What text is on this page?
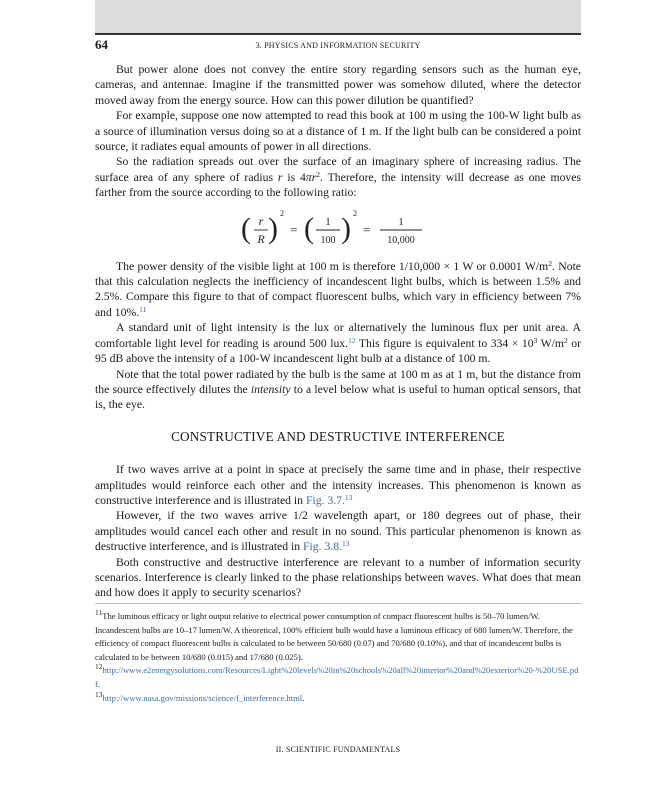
64	3. PHYSICS AND INFORMATION SECURITY

But power alone does not convey the entire story regarding sensors such as the human eye, cameras, and antennae. Imagine if the transmitted power was somehow diluted, where the detector moved away from the energy source. How can this power dilution be quantified?

For example, suppose one now attempted to read this book at 100 m using the 100-W light bulb as a source of illumination versus doing so at a distance of 1 m. If the light bulb can be considered a point source, it radiates equal amounts of power in all directions.

So the radiation spreads out over the surface of an imaginary sphere of increasing radius. The surface area of any sphere of radius r is $4\pi r^2$. Therefore, the intensity will decrease as one moves farther from the source according to the following ratio:

( r
R ) 2
= ( 1
100 ) 2
=	1
10,000

The power density of the visible light at 100 m is therefore 1/10,000 × 1 W or 0.0001 $W/m^2$. Note that this calculation neglects the inefficiency of incandescent light bulbs, which is between 1.5% and 2.5%. Compare this figure to that of compact fluorescent bulbs, which vary in efficiency between 7% and 10%.$^{11}$

A standard unit of light intensity is the lux or alternatively the luminous flux per unit area. A comfortable light level for reading is around 500 lux.$^{12}$ This figure is equivalent to $334 \times 10^3$ $W/m^2$ or 95 dB above the intensity of a 100-W incandescent light bulb at a distance of 100 m.

Note that the total power radiated by the bulb is the same at 100 m as at 1 m, but the distance from the source effectively dilutes the intensity to a level below what is useful to human optical sensors, that is, the eye.

CONSTRUCTIVE AND DESTRUCTIVE INTERFERENCE

If two waves arrive at a point in space at precisely the same time and in phase, their respective amplitudes would reinforce each other and the intensity increases. This phenomenon is known as constructive interference and is illustrated in Fig. 3.7.13

However, if the two waves arrive 1/2 wavelength apart, or 180 degrees out of phase, their amplitudes would cancel each other and result in no sound. This particular phenomenon is known as destructive interference, and is illustrated in Fig. 3.8.13

Both constructive and destructive interference are relevant to a number of information security scenarios. Interference is clearly linked to the phase relationships between waves. What does that mean and how does it apply to security scenarios?

$^{11}$The luminous efficacy or light output relative to electrical power consumption of compact fluorescent bulbs is 50–70 lumen/W. Incandescent bulbs are 10–17 lumen/W. A theoretical, 100% efficient bulb would have a luminous efficacy of 680 lumen/W. Therefore, the efficiency of compact fluorescent bulbs is calculated to be between 50/680 (0.07) and 70/680 (0.10%), and that of incandescent bulbs is calculated to be between 10/680 (0.015) and 17/680 (0.025).
$^{12}$http://www.e2energysolutions.com/Resources/Light%20levels%20in%20schools%20all%20interior%20and%20exterior%20-%20USE.pdf.
$^{13}$http://www.nasa.gov/missions/science/f_interference.html.
II. SCIENTIFIC FUNDAMENTALS
